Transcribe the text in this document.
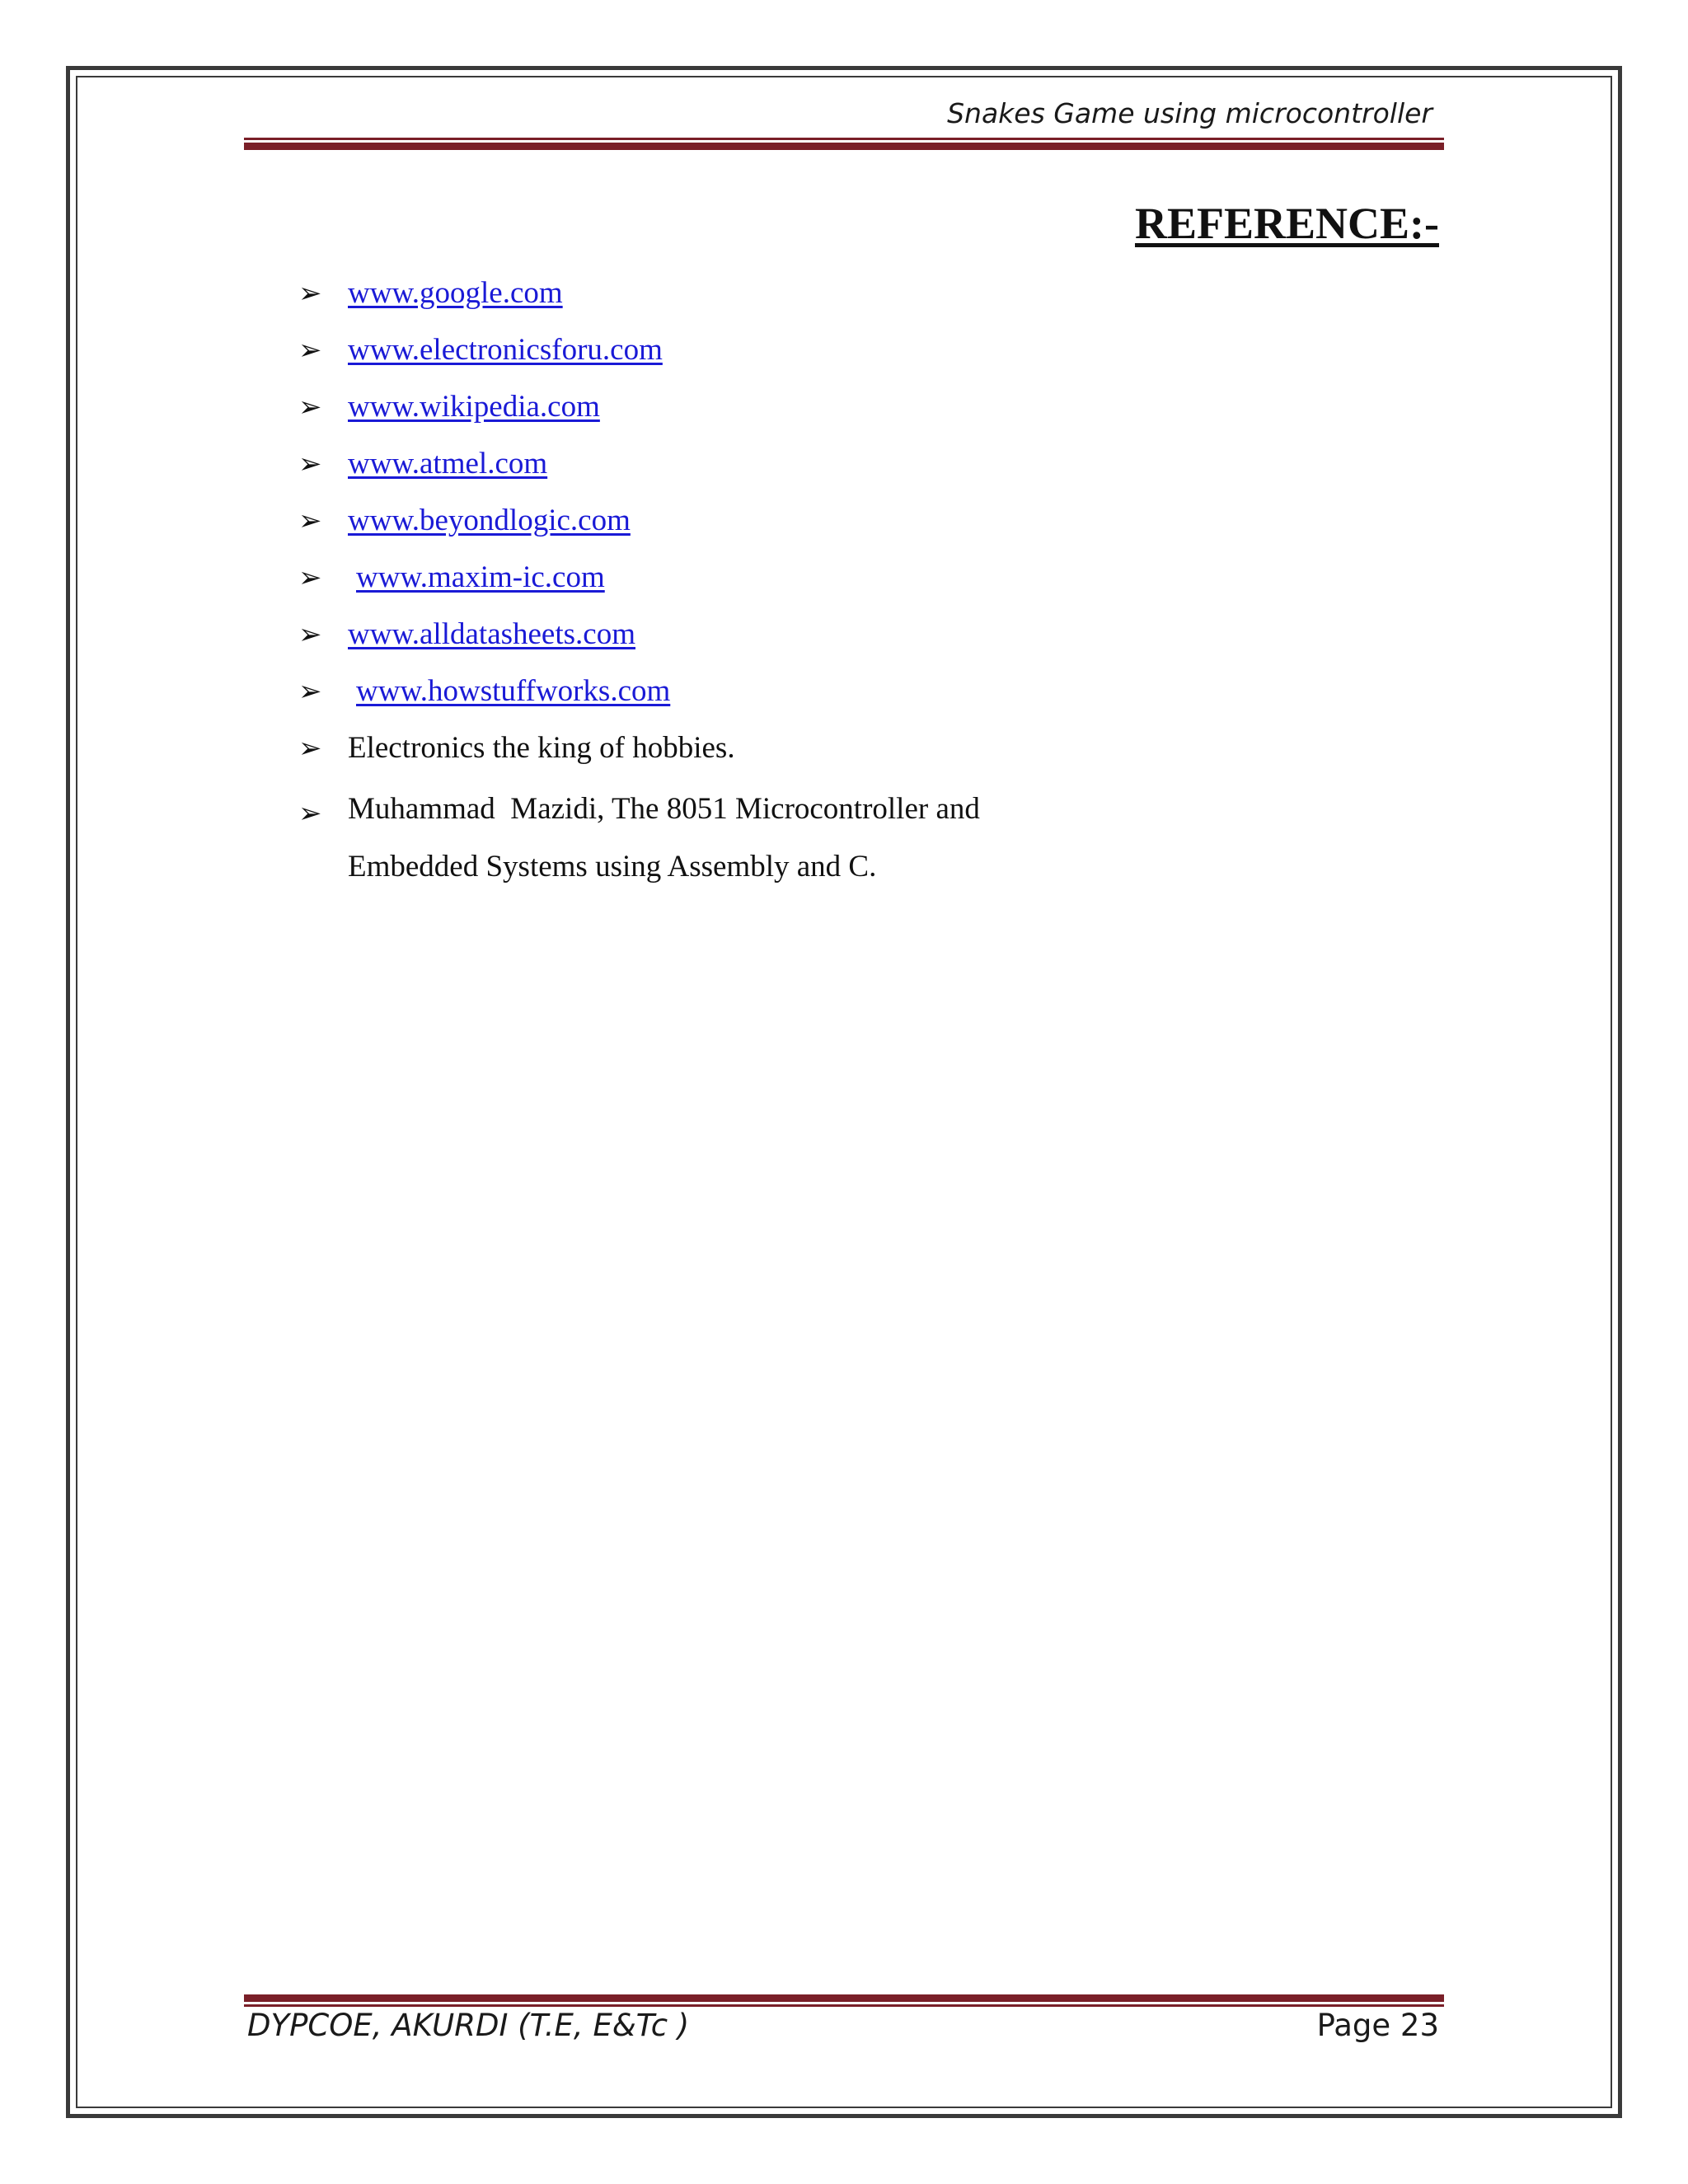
Snakes Game using microcontroller
REFERENCE:-
➢ www.google.com
➢ www.electronicsforu.com
➢ www.wikipedia.com
➢ www.atmel.com
➢ www.beyondlogic.com
➢	www.maxim-ic.com
➢ www.alldatasheets.com
➢	www.howstuffworks.com
➢ Electronics the king of hobbies.
➢ Muhammad  Mazidi, The 8051 Microcontroller and
Embedded Systems using Assembly and C.
DYPCOE, AKURDI (T.E, E&Tc )	Page 23
